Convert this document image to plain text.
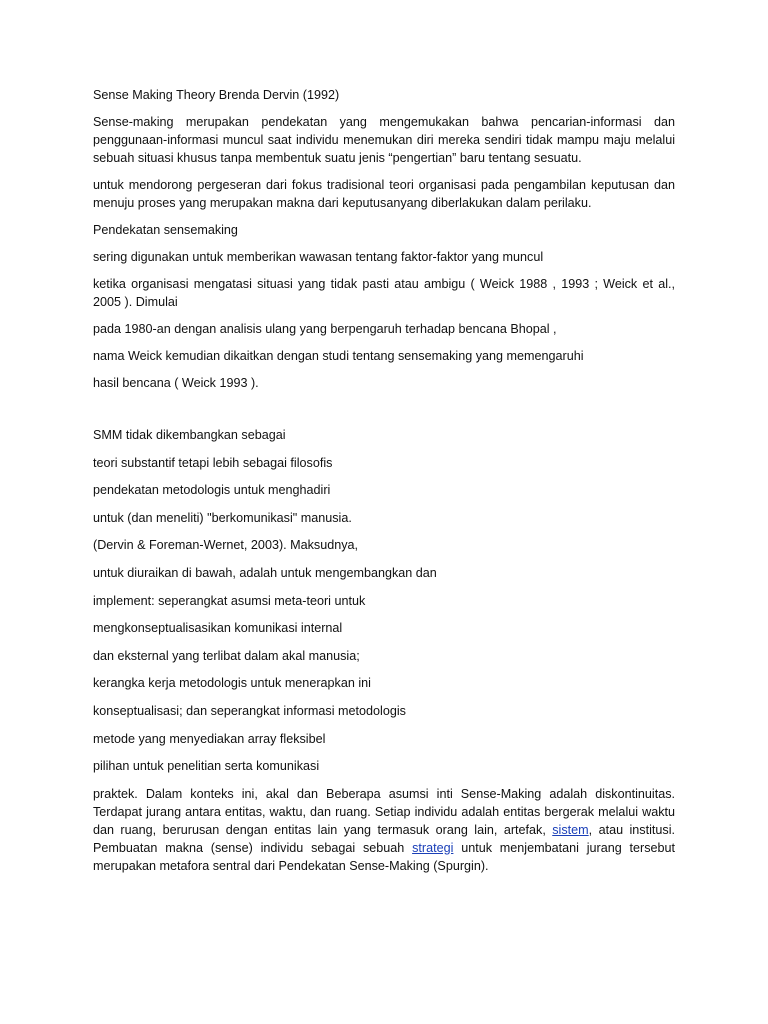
Sense Making Theory Brenda Dervin (1992)

Sense-making merupakan pendekatan yang mengemukakan bahwa pencarian-informasi dan penggunaan-informasi muncul saat individu menemukan diri mereka sendiri tidak mampu maju melalui sebuah situasi khusus tanpa membentuk suatu jenis “pengertian” baru tentang sesuatu.

untuk mendorong pergeseran dari fokus tradisional teori organisasi pada pengambilan keputusan dan menuju proses yang merupakan makna dari keputusanyang diberlakukan dalam perilaku.

Pendekatan sensemaking

sering digunakan untuk memberikan wawasan tentang faktor-faktor yang muncul

ketika organisasi mengatasi situasi yang tidak pasti atau ambigu ( Weick 1988 , 1993 ; Weick et al., 2005 ). Dimulai

pada 1980-an dengan analisis ulang yang berpengaruh terhadap bencana Bhopal ,

nama Weick kemudian dikaitkan dengan studi tentang sensemaking yang memengaruhi

hasil bencana ( Weick 1993 ).

SMM tidak dikembangkan sebagai

teori substantif tetapi lebih sebagai filosofis

pendekatan metodologis untuk menghadiri

untuk (dan meneliti) "berkomunikasi" manusia.

(Dervin & Foreman-Wernet, 2003). Maksudnya,

untuk diuraikan di bawah, adalah untuk mengembangkan dan

implement: seperangkat asumsi meta-teori untuk

mengkonseptualisasikan komunikasi internal

dan eksternal yang terlibat dalam akal manusia;

kerangka kerja metodologis untuk menerapkan ini

konseptualisasi; dan seperangkat informasi metodologis

metode yang menyediakan array fleksibel

pilihan untuk penelitian serta komunikasi

praktek. Dalam konteks ini, akal dan Beberapa asumsi inti Sense-Making adalah diskontinuitas. Terdapat jurang antara entitas, waktu, dan ruang. Setiap individu adalah entitas bergerak melalui waktu dan ruang, berurusan dengan entitas lain yang termasuk orang lain, artefak, sistem, atau institusi. Pembuatan makna (sense) individu sebagai sebuah strategi untuk menjembatani jurang tersebut merupakan metafora sentral dari Pendekatan Sense-Making (Spurgin).
